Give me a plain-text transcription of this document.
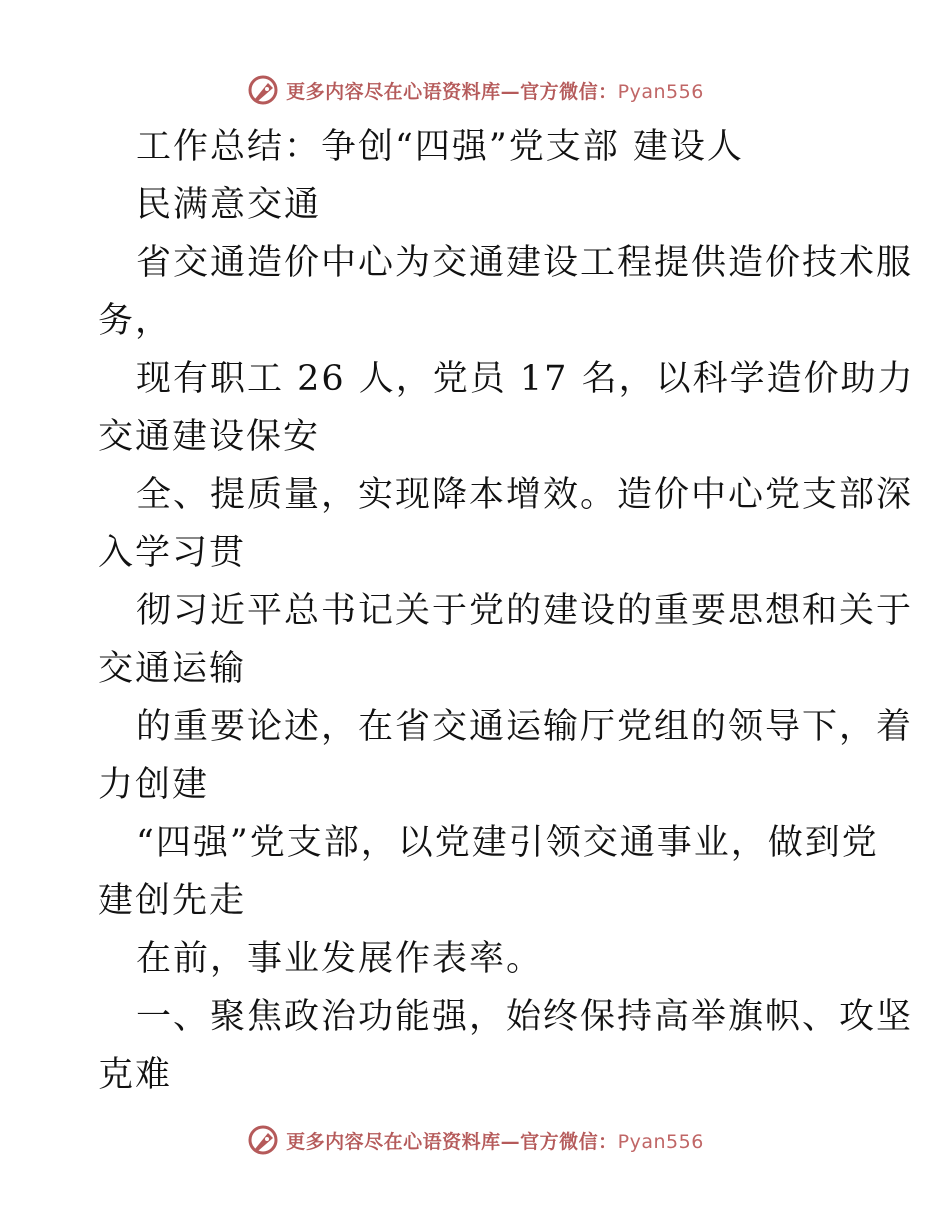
更多内容尽在心语资料库—官方微信：Pyan556
工作总结：争创“四强”党支部 建设人
民满意交通
省交通造价中心为交通建设工程提供造价技术服
务，
现有职工 26 人，党员 17 名，以科学造价助力
交通建设保安
全、提质量，实现降本增效。造价中心党支部深
入学习贯
彻习近平总书记关于党的建设的重要思想和关于
交通运输
的重要论述，在省交通运输厅党组的领导下，着
力创建
“四强”党支部，以党建引领交通事业，做到党
建创先走
在前，事业发展作表率。
一、聚焦政治功能强，始终保持高举旗帜、攻坚
克难
更多内容尽在心语资料库—官方微信：Pyan556
